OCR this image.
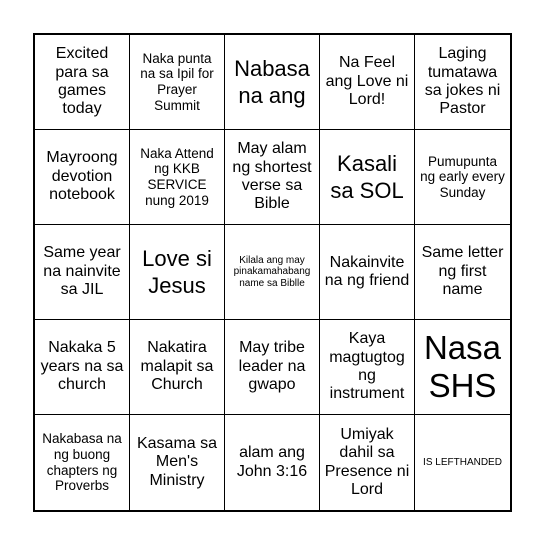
Excited para sa games today
Naka punta na sa Ipil for Prayer Summit
Nabasa na ang
Na Feel ang Love ni Lord!
Laging tumatawa sa jokes ni Pastor
Mayroong devotion notebook
Naka Attend ng KKB SERVICE nung 2019
May alam ng shortest verse sa Bible
Kasali sa SOL
Pumupunta ng early every Sunday
Same year na nainvite sa JIL
Love si Jesus
Kilala ang may pinakamahabang name sa Biblle
Nakainvite na ng friend
Same letter ng first name
Nakaka 5 years na sa church
Nakatira malapit sa Church
May tribe leader na gwapo
Kaya magtugtog ng instrument
Nasa SHS
Nakabasa na ng buong chapters ng Proverbs
Kasama sa Men's Ministry
alam ang John 3:16
Umiyak dahil sa Presence ni Lord
IS LEFTHANDED
